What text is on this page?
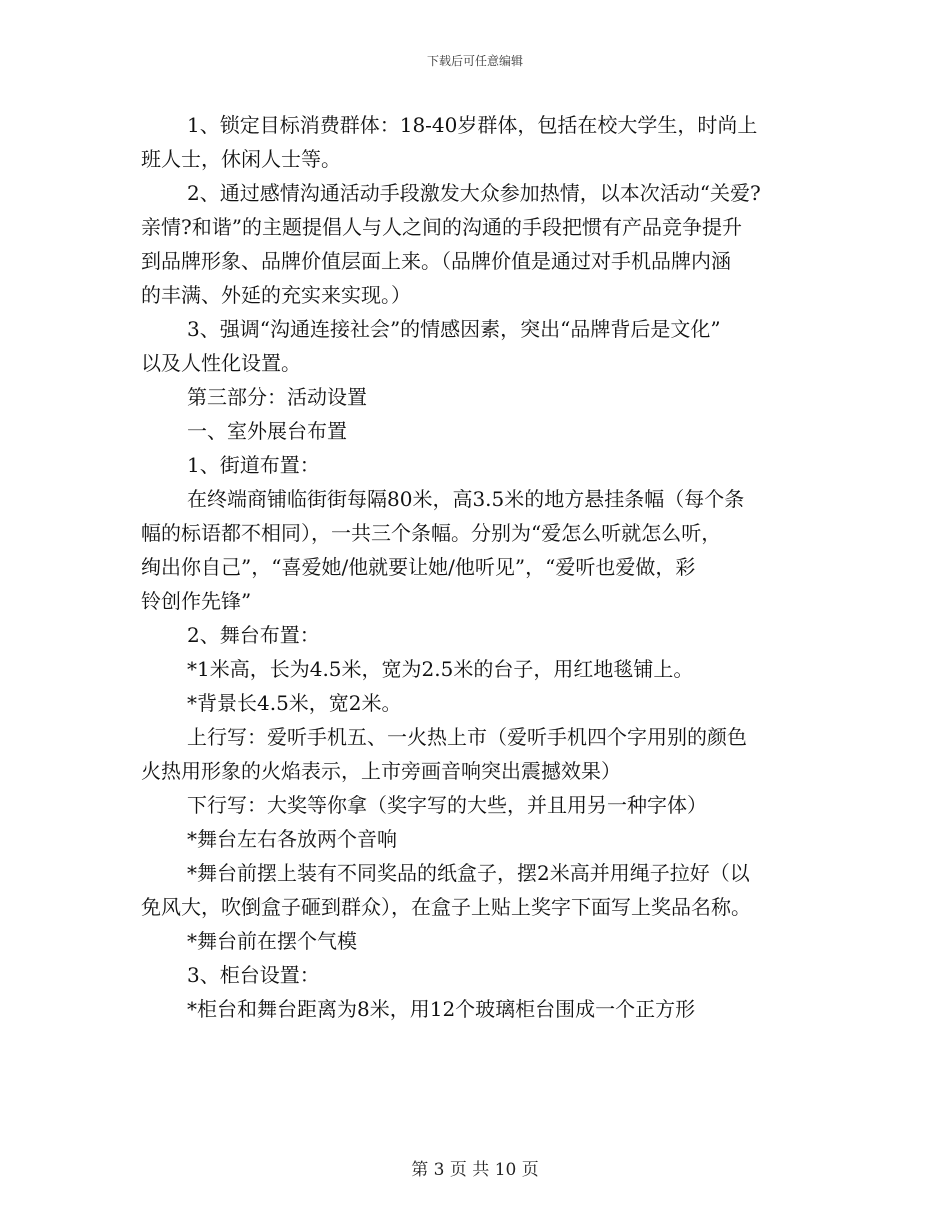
下载后可任意编辑
1、锁定目标消费群体：18-40岁群体，包括在校大学生，时尚上
班人士，休闲人士等。
2、通过感情沟通活动手段激发大众参加热情，以本次活动“关爱?
亲情?和谐”的主题提倡人与人之间的沟通的手段把惯有产品竞争提升
到品牌形象、品牌价值层面上来。（品牌价值是通过对手机品牌内涵
的丰满、外延的充实来实现。）
3、强调“沟通连接社会”的情感因素，突出“品牌背后是文化”
以及人性化设置。
第三部分：活动设置
一、室外展台布置
1、街道布置：
在终端商铺临街街每隔80米，高3.5米的地方悬挂条幅（每个条
幅的标语都不相同），一共三个条幅。分别为“爱怎么听就怎么听，
绚出你自己”，“喜爱她/他就要让她/他听见”，“爱听也爱做，彩
铃创作先锋”
2、舞台布置：
*1米高，长为4.5米，宽为2.5米的台子，用红地毯铺上。
*背景长4.5米，宽2米。
上行写：爱听手机五、一火热上市（爱听手机四个字用别的颜色
火热用形象的火焰表示，上市旁画音响突出震撼效果）
下行写：大奖等你拿（奖字写的大些，并且用另一种字体）
*舞台左右各放两个音响
*舞台前摆上装有不同奖品的纸盒子，摆2米高并用绳子拉好（以
免风大，吹倒盒子砸到群众），在盒子上贴上奖字下面写上奖品名称。
*舞台前在摆个气模
3、柜台设置：
*柜台和舞台距离为8米，用12个玻璃柜台围成一个正方形
第 3 页 共 10 页
